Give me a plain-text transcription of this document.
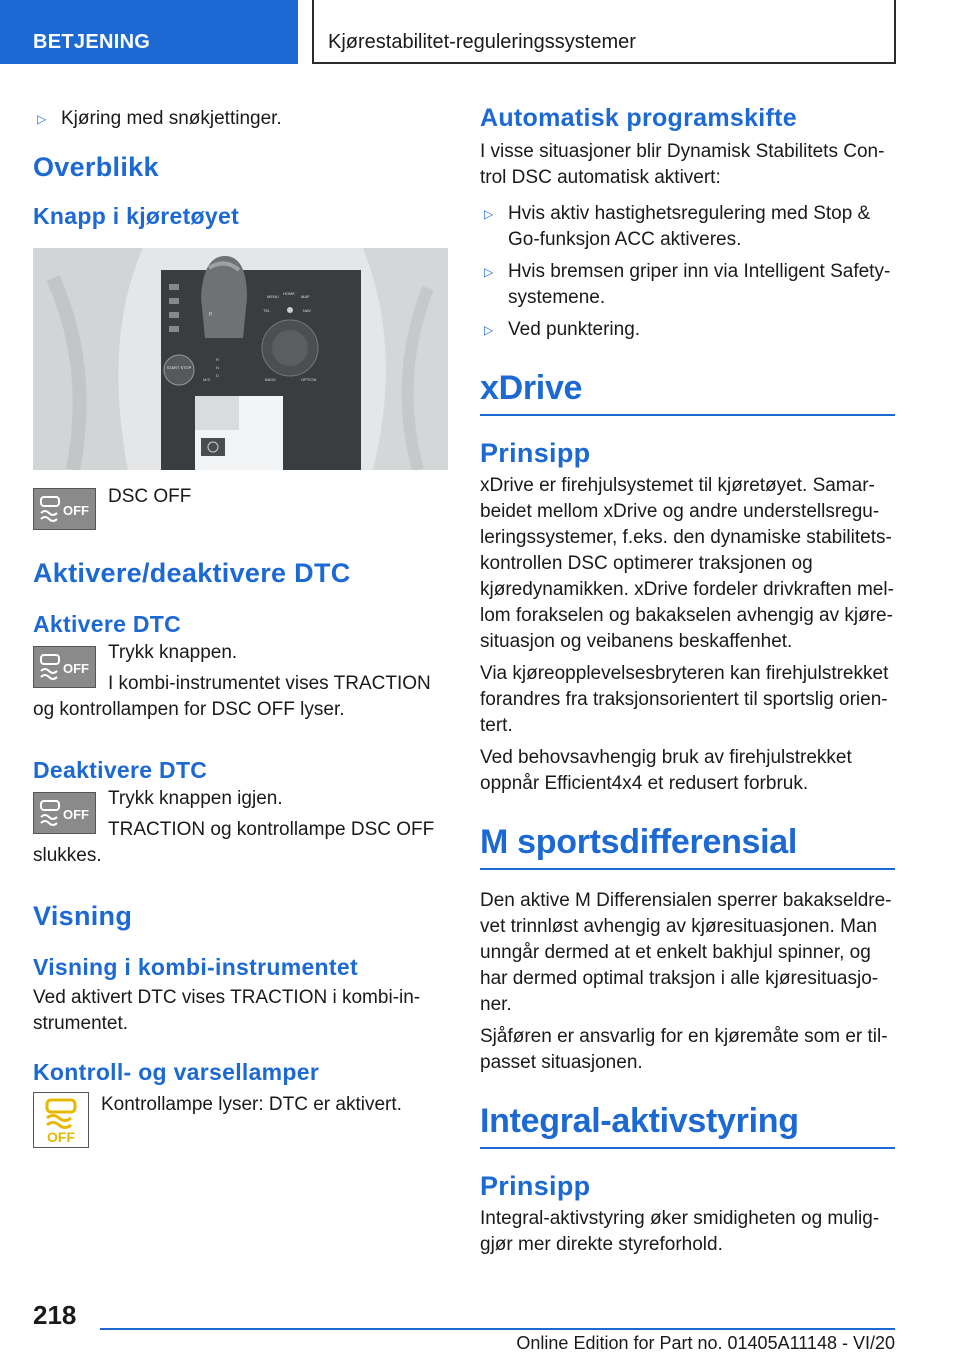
BETJENING	Kjørestabilitet-reguleringssystemer
▷ Kjøring med snøkjettinger.
Overblikk
Knapp i kjøretøyet
START STOP
MENU
HOME
MAP
TEL	NAV
BACK	OPTION
P
R
N
D
M/S
OFF
DSC OFF
Aktivere/deaktivere DTC
Aktivere DTC
OFF

Trykk knappen.

I kombi-instrumentet vises TRACTION og kontrollampen for DSC OFF lyser.

Deaktivere DTC
OFF

Trykk knappen igjen.

TRACTION og kontrollampe DSC OFF slukkes.

Visning
Visning i kombi-instrumentet

Ved aktivert DTC vises TRACTION i kombi-instrumentet.

Kontroll- og varsellamper
OFF
Kontrollampe lyser: DTC er aktivert.
Automatisk programskifte

I visse situasjoner blir Dynamisk Stabilitets Control DSC automatisk aktivert:

▷ Hvis aktiv hastighetsregulering med Stop & Go-funksjon ACC aktiveres.
▷ Hvis bremsen griper inn via Intelligent Safety-systemene.
▷ Ved punktering.
xDrive
Prinsipp

xDrive er firehjulsystemet til kjøretøyet. Samarbeidet mellom xDrive og andre understellsreguleringssystemer, f.eks. den dynamiske stabilitetskontrollen DSC optimerer traksjonen og kjøredynamikken. xDrive fordeler drivkraften mellom forakselen og bakakselen avhengig av kjøresituasjon og veibanens beskaffenhet.

Via kjøreopplevelsesbryteren kan firehjulstrekket forandres fra traksjonsorientert til sportslig orientert.

Ved behovsavhengig bruk av firehjulstrekket oppnår Efficient4x4 et redusert forbruk.

M sportsdifferensial

Den aktive M Differensialen sperrer bakakseldrevet trinnløst avhengig av kjøresituasjonen. Man unngår dermed at et enkelt bakhjul spinner, og har dermed optimal traksjon i alle kjøresituasjoner.

Sjåføren er ansvarlig for en kjøremåte som er tilpasset situasjonen.

Integral-aktivstyring
Prinsipp

Integral-aktivstyring øker smidigheten og muliggjør mer direkte styreforhold.

218
Online Edition for Part no. 01405A11148 - VI/20
